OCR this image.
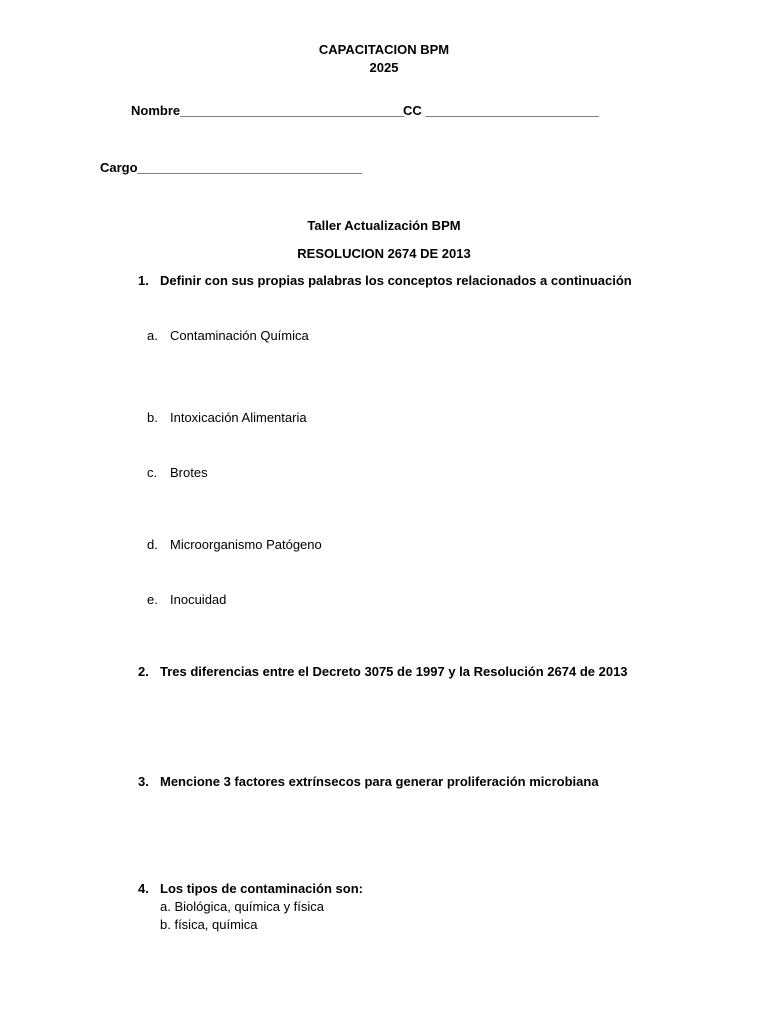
CAPACITACION BPM
2025
Nombre_______________________________
CC ________________________
Cargo_______________________________
Taller Actualización BPM
RESOLUCION 2674 DE 2013
1. Definir con sus propias palabras los conceptos relacionados a continuación
a. Contaminación Química
b. Intoxicación Alimentaria
c. Brotes
d. Microorganismo Patógeno
e. Inocuidad
2. Tres diferencias entre el Decreto 3075 de 1997 y la Resolución 2674 de 2013
3. Mencione 3 factores extrínsecos para generar proliferación microbiana
4. Los tipos de contaminación son:
a. Biológica, química y física
b. física, química
